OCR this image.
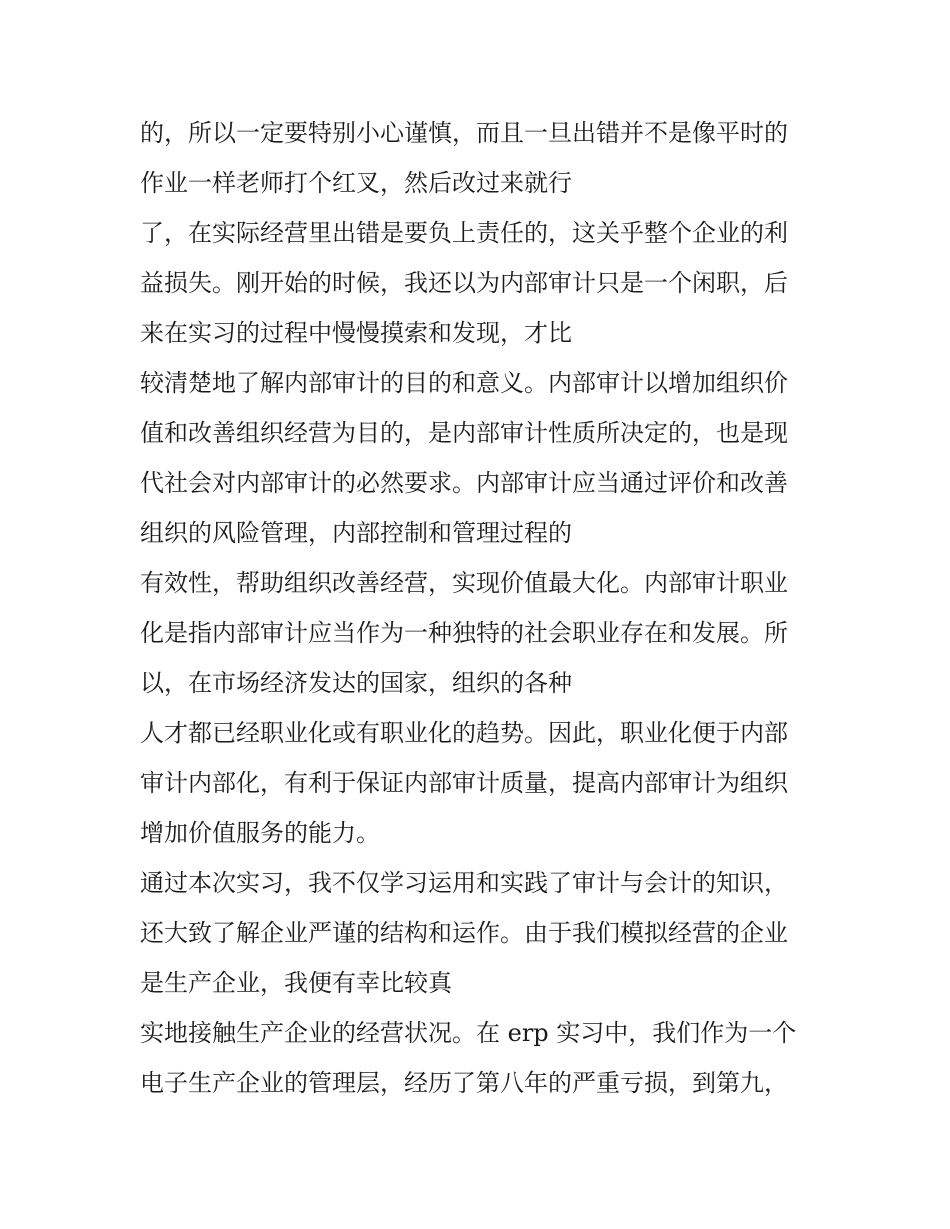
的，所以一定要特别小心谨慎，而且一旦出错并不是像平时的
作业一样老师打个红叉，然后改过来就行
了，在实际经营里出错是要负上责任的，这关乎整个企业的利
益损失。刚开始的时候，我还以为内部审计只是一个闲职，后
来在实习的过程中慢慢摸索和发现，才比
较清楚地了解内部审计的目的和意义。内部审计以增加组织价
值和改善组织经营为目的，是内部审计性质所决定的，也是现
代社会对内部审计的必然要求。内部审计应当通过评价和改善
组织的风险管理，内部控制和管理过程的
有效性，帮助组织改善经营，实现价值最大化。内部审计职业
化是指内部审计应当作为一种独特的社会职业存在和发展。所
以，在市场经济发达的国家，组织的各种
人才都已经职业化或有职业化的趋势。因此，职业化便于内部
审计内部化，有利于保证内部审计质量，提高内部审计为组织
增加价值服务的能力。
通过本次实习，我不仅学习运用和实践了审计与会计的知识，
还大致了解企业严谨的结构和运作。由于我们模拟经营的企业
是生产企业，我便有幸比较真
实地接触生产企业的经营状况。在 erp 实习中，我们作为一个
电子生产企业的管理层，经历了第八年的严重亏损，到第九，
